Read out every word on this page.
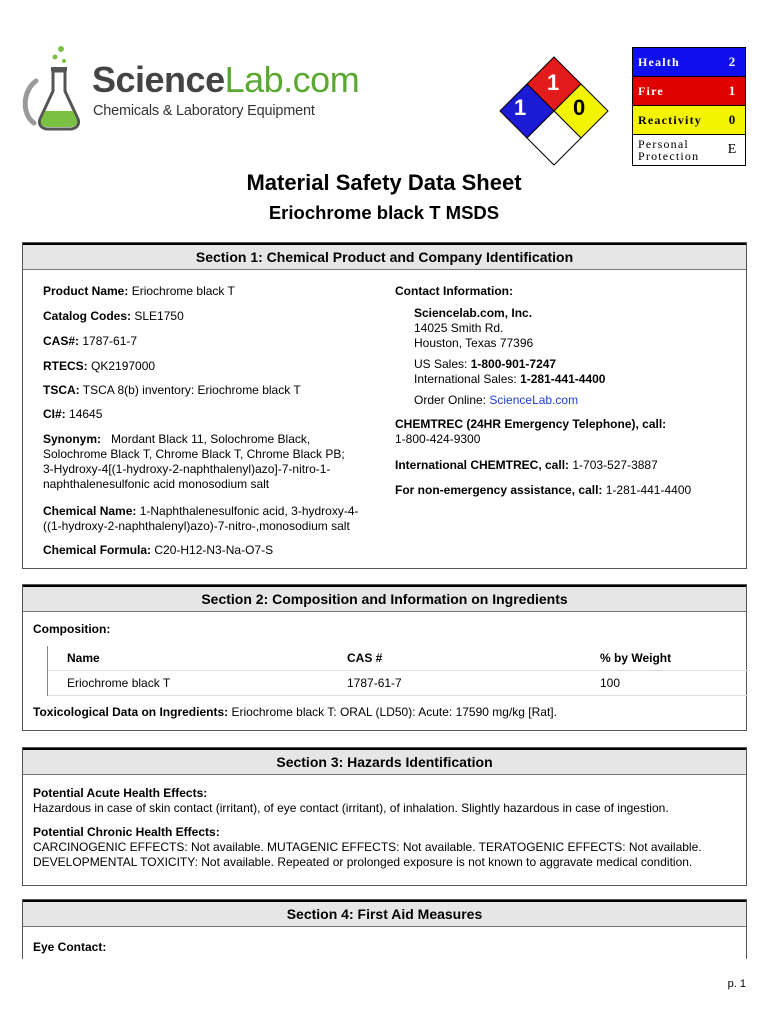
ScienceLab.com
Chemicals & Laboratory Equipment
1
1 0
Health	2
Fire	1
Reactivity	0
Personal Protection	E
Material Safety Data Sheet
Eriochrome black T MSDS
Section 1: Chemical Product and Company Identification
Product Name: Eriochrome black T
Catalog Codes: SLE1750
CAS#: 1787-61-7
RTECS: QK2197000
TSCA: TSCA 8(b) inventory: Eriochrome black T
CI#: 14645
Synonym: Mordant Black 11, Solochrome Black,
Solochrome Black T, Chrome Black T, Chrome Black PB;
3-Hydroxy-4[(1-hydroxy-2-naphthalenyl)azo]-7-nitro-1-
naphthalenesulfonic acid monosodium salt
Chemical Name: 1-Naphthalenesulfonic acid, 3-hydroxy-4-
((1-hydroxy-2-naphthalenyl)azo)-7-nitro-,monosodium salt
Chemical Formula: C20-H12-N3-Na-O7-S
Contact Information:
Sciencelab.com, Inc.
14025 Smith Rd.
Houston, Texas 77396
US Sales: 1-800-901-7247
International Sales: 1-281-441-4400
Order Online: ScienceLab.com
CHEMTREC (24HR Emergency Telephone), call:
1-800-424-9300
International CHEMTREC, call: 1-703-527-3887
For non-emergency assistance, call: 1-281-441-4400
Section 2: Composition and Information on Ingredients
Composition:
Name	CAS #	% by Weight
Eriochrome black T	1787-61-7	100
Toxicological Data on Ingredients: Eriochrome black T: ORAL (LD50): Acute: 17590 mg/kg [Rat].
Section 3: Hazards Identification
Potential Acute Health Effects:
Hazardous in case of skin contact (irritant), of eye contact (irritant), of inhalation. Slightly hazardous in case of ingestion.
Potential Chronic Health Effects:
CARCINOGENIC EFFECTS: Not available. MUTAGENIC EFFECTS: Not available. TERATOGENIC EFFECTS: Not available.
DEVELOPMENTAL TOXICITY: Not available. Repeated or prolonged exposure is not known to aggravate medical condition.
Section 4: First Aid Measures
Eye Contact:
p. 1
